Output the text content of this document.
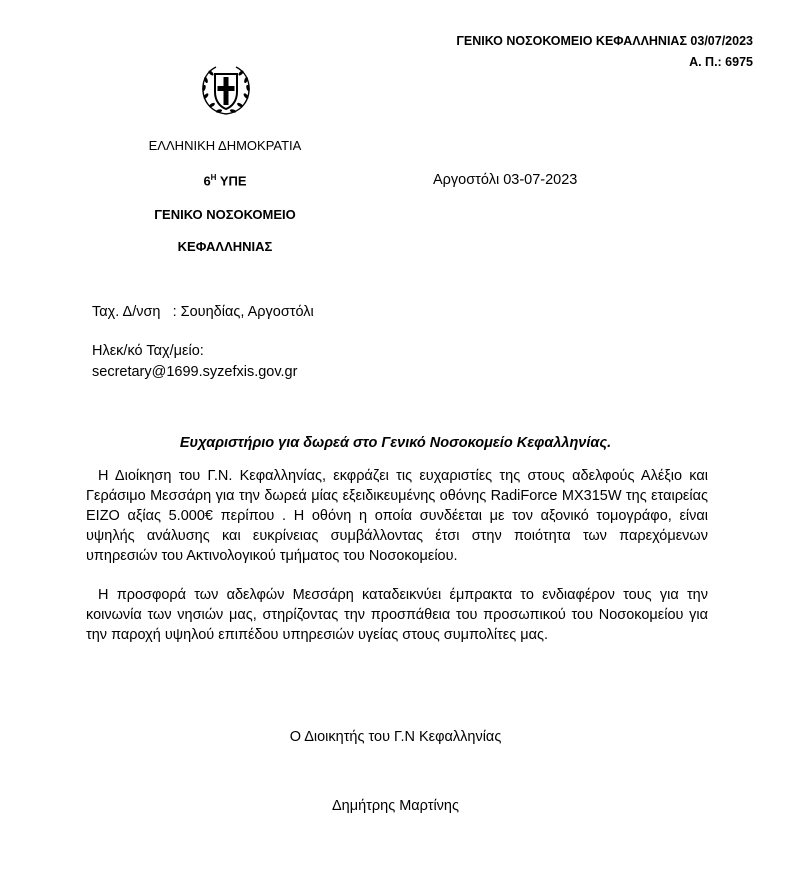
ΓΕΝΙΚΟ ΝΟΣΟΚΟΜΕΙΟ ΚΕΦΑΛΛΗΝΙΑΣ 03/07/2023
Α. Π.: 6975
ΕΛΛΗΝΙΚΗ ΔΗΜΟΚΡΑΤΙΑ
$6^H$ ΥΠΕ
ΓΕΝΙΚΟ ΝΟΣΟΚΟΜΕΙΟ
ΚΕΦΑΛΛΗΝΙΑΣ
Αργοστόλι 03-07-2023
Ταχ. Δ/νση : Σουηδίας, Αργοστόλι
Ηλεκ/κό Ταχ/μείο:
secretary@1699.syzefxis.gov.gr
Ευχαριστήριο για δωρεά στο Γενικό Νοσοκομείο Κεφαλληνίας.
Η Διοίκηση του Γ.Ν. Κεφαλληνίας, εκφράζει τις ευχαριστίες της στους αδελφούς Αλέξιο και Γεράσιμο Μεσσάρη για την δωρεά μίας εξειδικευμένης οθόνης RadiForce MX315W της εταιρείας EIZO αξίας 5.000€ περίπου . Η οθόνη η οποία συνδέεται με τον αξονικό τομογράφο, είναι υψηλής ανάλυσης και ευκρίνειας συμβάλλοντας έτσι στην ποιότητα των παρεχόμενων υπηρεσιών του Ακτινολογικού τμήματος του Νοσοκομείου.
Η προσφορά των αδελφών Μεσσάρη καταδεικνύει έμπρακτα το ενδιαφέρον τους για την κοινωνία των νησιών μας, στηρίζοντας την προσπάθεια του προσωπικού του Νοσοκομείου για την παροχή υψηλού επιπέδου υπηρεσιών υγείας στους συμπολίτες μας.
Ο Διοικητής του Γ.Ν Κεφαλληνίας
Δημήτρης Μαρτίνης
